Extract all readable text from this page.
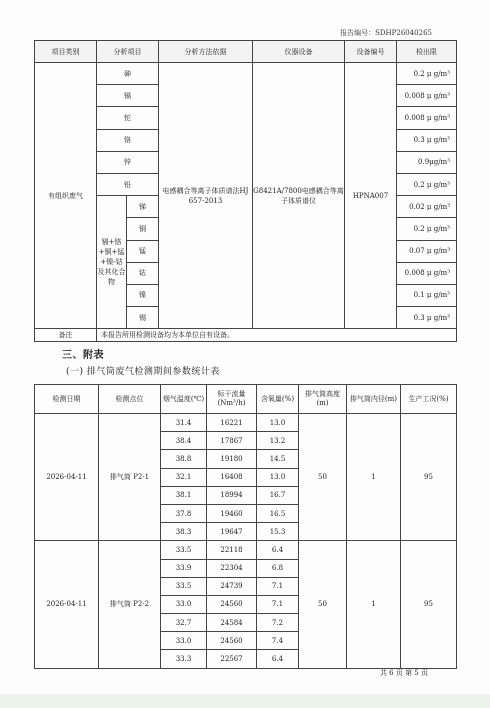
报告编号：SDHP26040265
项目类别	分析项目		分析方法依据	仪器设备	设备编号	检出限
有组织废气	砷		电感耦合等离子体质谱法HJ 657-2013	G8421A/7800电感耦合等离子体质谱仪	HPNA007	0.2 μ g/m³
	镉					0.008 μ g/m³
	铊					0.008 μ g/m³
	铬					0.3 μ g/m³
	锌					0.9μg/m³
	铅					0.2 μ g/m³
	镉+铬+铜+锰+镍-钴及其化合物	锑				0.02 μ g/m³
		铜				0.2 μ g/m³
		锰				0.07 μ g/m³
		钴				0.008 μ g/m³
		镍				0.1 μ g/m³
		锡				0.3 μ g/m³
备注	本报告所用检测设备均为本单位自有设备。					
三、附表
(一) 排气筒废气检测期间参数统计表
检测日期	检测点位	烟气温度(℃)	标干流量(Nm³/h)	含氧量(%)	排气筒高度(m)	排气筒内径(m)	生产工况(%)
2026-04-11	排气筒 P2-1	31.4	16221	13.0	50	1	95
		38.4	17867	13.2			
		38.8	19180	14.5			
		32.1	16408	13.0			
		38.1	18994	16.7			
		37.8	19460	16.5			
		38.3	19647	15.3			
2026-04-11	排气筒 P2-2	33.5	22118	6.4	50	1	95
		33.9	22304	6.8			
		33.5	24739	7.1			
		33.0	24560	7.1			
		32.7	24584	7.2			
		33.0	24560	7.4			
		33.3	22567	6.4			
共 6 页 第 5 页
